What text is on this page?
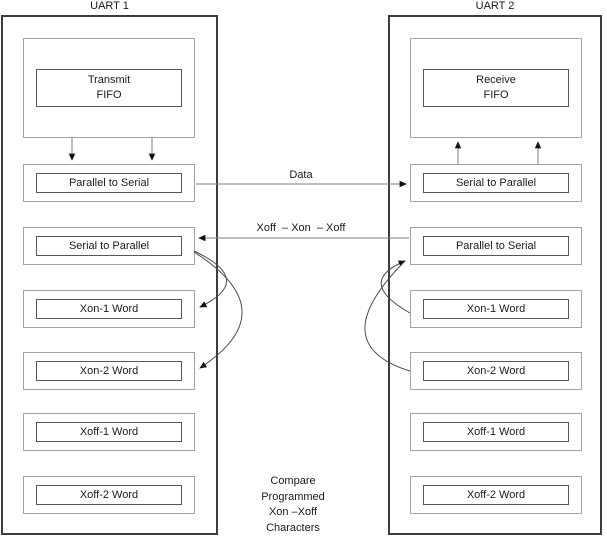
UART 1	UART 2
Transmit
FIFO
Parallel to Serial
Serial to Parallel
Xon-1 Word
Xon-2 Word
Xoff-1 Word
Xoff-2 Word
Receive
FIFO
Serial to Parallel
Parallel to Serial
Xon-1 Word
Xon-2 Word
Xoff-1 Word
Xoff-2 Word
Data
Xoff  – Xon  – Xoff
Compare
Programmed
Xon –Xoff
Characters
